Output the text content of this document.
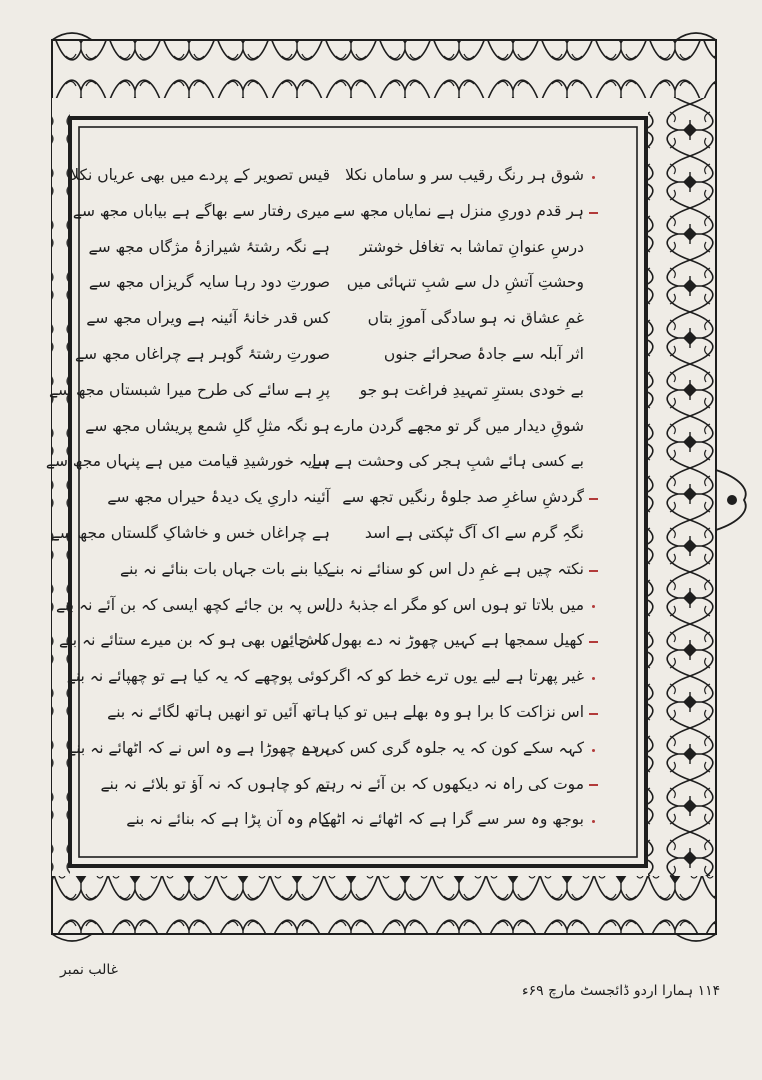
شوق ہر رنگ رقیب سر و ساماں نکلا
ہر قدم دوریِ منزل ہے نمایاں مجھ سے
درسِ عنوانِ تماشا بہ تغافل خوشتر
وحشتِ آتشِ دل سے شبِ تنہائی میں
غمِ عشاق نہ ہو سادگی آموزِ بتاں
اثر آبلہ سے جادۂ صحرائے جنوں
بے خودی بسترِ تمہیدِ فراغت ہو جو
شوقِ دیدار میں گر تو مجھے گردن مارے
بے کسی ہائے شبِ ہجر کی وحشت ہے ہے
گردشِ ساغرِ صد جلوۂ رنگیں تجھ سے
نگہِ گرم سے اک آگ ٹپکتی ہے اسد
نکتہ چیں ہے غمِ دل اس کو سنائے نہ بنے
میں بلاتا تو ہوں اس کو مگر اے جذبۂ دل
کھیل سمجھا ہے کہیں چھوڑ نہ دے بھول نہ جائے
غیر پھرتا ہے لیے یوں ترے خط کو کہ اگر
اس نزاکت کا برا ہو وہ بھلے ہیں تو کیا
کہہ سکے کون کہ یہ جلوہ گری کس کی ہے
موت کی راہ نہ دیکھوں کہ بن آئے نہ رہے
بوجھ وہ سر سے گرا ہے کہ اٹھائے نہ اٹھے
قیس تصویر کے پردے میں بھی عریاں نکلا
میری رفتار سے بھاگے ہے بیاباں مجھ سے
ہے نگہ رشتۂ شیرازۂ مژگاں مجھ سے
صورتِ دود رہا سایہ گریزاں مجھ سے
کس قدر خانۂ آئینہ ہے ویراں مجھ سے
صورتِ رشتۂ گوہر ہے چراغاں مجھ سے
پرِ ہے سائے کی طرح میرا شبستاں مجھ سے
ہو نگہ مثلِ گلِ شمع پریشاں مجھ سے
سایہ خورشیدِ قیامت میں ہے پنہاں مجھ سے
آئینہ داریِ یک دیدۂ حیراں مجھ سے
ہے چراغاں خس و خاشاکِ گلستاں مجھ سے
کیا بنے بات جہاں بات بنائے نہ بنے
اس پہ بن جائے کچھ ایسی کہ بن آئے نہ بنے
کاش یوں بھی ہو کہ بن میرے ستائے نہ بنے
کوئی پوچھے کہ یہ کیا ہے تو چھپائے نہ بنے
ہاتھ آئیں تو انھیں ہاتھ لگائے نہ بنے
پردہ چھوڑا ہے وہ اس نے کہ اٹھائے نہ بنے
تم کو چاہوں کہ نہ آؤ تو بلائے نہ بنے
کام وہ آن پڑا ہے کہ بنائے نہ بنے
غالب نمبر
۱۱۴ ہمارا اردو ڈائجسٹ مارچ ۶۹ء
